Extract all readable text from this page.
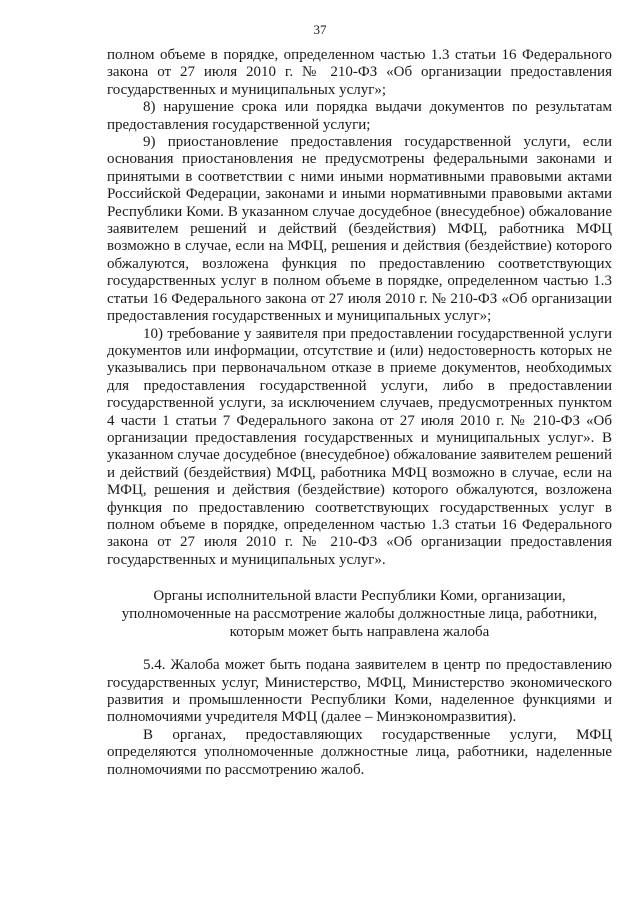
37

полном объеме в порядке, определенном частью 1.3 статьи 16 Федерального закона от 27 июля 2010 г. № 210-ФЗ «Об организации предоставления государственных и муниципальных услуг»;

8) нарушение срока или порядка выдачи документов по результатам предоставления государственной услуги;

9) приостановление предоставления государственной услуги, если основания приостановления не предусмотрены федеральными законами и принятыми в соответствии с ними иными нормативными правовыми актами Российской Федерации, законами и иными нормативными правовыми актами Республики Коми. В указанном случае досудебное (внесудебное) обжалование заявителем решений и действий (бездействия) МФЦ, работника МФЦ возможно в случае, если на МФЦ, решения и действия (бездействие) которого обжалуются, возложена функция по предоставлению соответствующих государственных услуг в полном объеме в порядке, определенном частью 1.3 статьи 16 Федерального закона от 27 июля 2010 г. № 210-ФЗ «Об организации предоставления государственных и муниципальных услуг»;

10) требование у заявителя при предоставлении государственной услуги документов или информации, отсутствие и (или) недостоверность которых не указывались при первоначальном отказе в приеме документов, необходимых для предоставления государственной услуги, либо в предоставлении государственной услуги, за исключением случаев, предусмотренных пунктом 4 части 1 статьи 7 Федерального закона от 27 июля 2010 г. № 210-ФЗ «Об организации предоставления государственных и муниципальных услуг». В указанном случае досудебное (внесудебное) обжалование заявителем решений и действий (бездействия) МФЦ, работника МФЦ возможно в случае, если на МФЦ, решения и действия (бездействие) которого обжалуются, возложена функция по предоставлению соответствующих государственных услуг в полном объеме в порядке, определенном частью 1.3 статьи 16 Федерального закона от 27 июля 2010 г. № 210-ФЗ «Об организации предоставления государственных и муниципальных услуг».

Органы исполнительной власти Республики Коми, организации, уполномоченные на рассмотрение жалобы должностные лица, работники, которым может быть направлена жалоба

5.4. Жалоба может быть подана заявителем в центр по предоставлению государственных услуг, Министерство, МФЦ, Министерство экономического развития и промышленности Республики Коми, наделенное функциями и полномочиями учредителя МФЦ (далее – Минэкономразвития).

В органах, предоставляющих государственные услуги, МФЦ определяются уполномоченные должностные лица, работники, наделенные полномочиями по рассмотрению жалоб.
